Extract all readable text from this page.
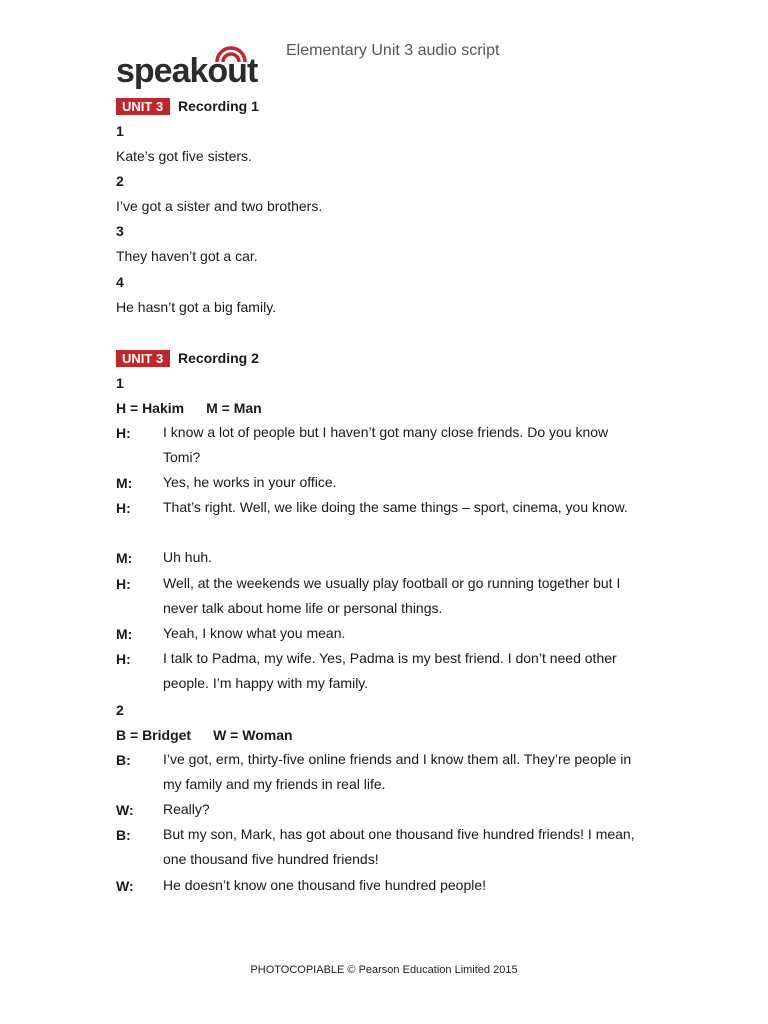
speakout
Elementary Unit 3 audio script
UNIT 3 Recording 1
1
Kate’s got five sisters.
2
I’ve got a sister and two brothers.
3
They haven’t got a car.
4
He hasn’t got a big family.
UNIT 3 Recording 2
1
H = Hakim M = Man
H: I know a lot of people but I haven’t got many close friends. Do you know Tomi?
M: Yes, he works in your office.
H: That’s right. Well, we like doing the same things – sport, cinema, you know.
M: Uh huh.
H: Well, at the weekends we usually play football or go running together but I never talk about home life or personal things.
M: Yeah, I know what you mean.
H: I talk to Padma, my wife. Yes, Padma is my best friend. I don’t need other people. I’m happy with my family.
2
B = Bridget W = Woman
B: I’ve got, erm, thirty-five online friends and I know them all. They’re people in my family and my friends in real life.
W: Really?
B: But my son, Mark, has got about one thousand five hundred friends! I mean, one thousand five hundred friends!
W: He doesn’t know one thousand five hundred people!
PHOTOCOPIABLE © Pearson Education Limited 2015
